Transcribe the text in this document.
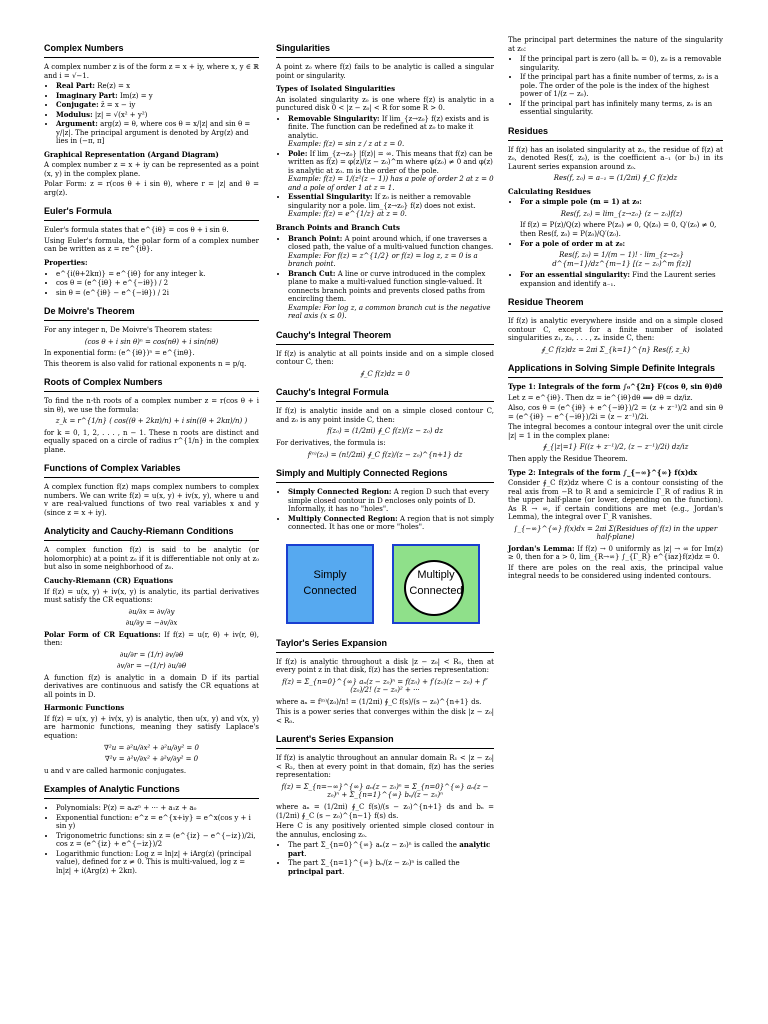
Complex Numbers

A complex number z is of the form z = x + iy, where x, y ∈ ℝ and i = √−1.

• Real Part: Re(z) = x
• Imaginary Part: Im(z) = y
• Conjugate: z̄ = x − iy
• Modulus: |z| = √(x² + y²)
• Argument: arg(z) = θ, where cos θ = x/|z| and sin θ = y/|z|. The principal argument is denoted by Arg(z) and lies in (−π, π]
Graphical Representation (Argand Diagram)

A complex number z = x + iy can be represented as a point (x, y) in the complex plane.

Polar Form: z = r(cos θ + i sin θ), where r = |z| and θ = arg(z).

Euler's Formula

Euler's formula states that e^{iθ} = cos θ + i sin θ.

Using Euler's formula, the polar form of a complex number can be written as z = re^{iθ}.

Properties:
• e^{i(θ+2kπ)} = e^{iθ} for any integer k.
• cos θ = (e^{iθ} + e^{−iθ}) / 2
• sin θ = (e^{iθ} − e^{−iθ}) / 2i
De Moivre's Theorem

For any integer n, De Moivre's Theorem states:

(cos θ + i sin θ)ⁿ = cos(nθ) + i sin(nθ)

In exponential form: (e^{iθ})ⁿ = e^{inθ}.

This theorem is also valid for rational exponents n = p/q.

Roots of Complex Numbers

To find the n-th roots of a complex number z = r(cos θ + i sin θ), we use the formula:

z_k = r^{1/n} ( cos((θ + 2kπ)/n) + i sin((θ + 2kπ)/n) )

for k = 0, 1, 2, . . . , n − 1. These n roots are distinct and equally spaced on a circle of radius r^{1/n} in the complex plane.

Functions of Complex Variables

A complex function f(z) maps complex numbers to complex numbers. We can write f(z) = u(x, y) + iv(x, y), where u and v are real-valued functions of two real variables x and y (since z = x + iy).

Analyticity and Cauchy-Riemann Conditions

A complex function f(z) is said to be analytic (or holomorphic) at a point z₀ if it is differentiable not only at z₀ but also in some neighborhood of z₀.

Cauchy-Riemann (CR) Equations

If f(z) = u(x, y) + iv(x, y) is analytic, its partial derivatives must satisfy the CR equations:

∂u/∂x = ∂v/∂y
∂u/∂y = −∂v/∂x

Polar Form of CR Equations: If f(z) = u(r, θ) + iv(r, θ), then:

∂u/∂r = (1/r) ∂v/∂θ
∂v/∂r = −(1/r) ∂u/∂θ

A function f(z) is analytic in a domain D if its partial derivatives are continuous and satisfy the CR equations at all points in D.

Harmonic Functions

If f(z) = u(x, y) + iv(x, y) is analytic, then u(x, y) and v(x, y) are harmonic functions, meaning they satisfy Laplace's equation:

∇²u = ∂²u/∂x² + ∂²u/∂y² = 0
∇²v = ∂²v/∂x² + ∂²v/∂y² = 0

u and v are called harmonic conjugates.

Examples of Analytic Functions
• Polynomials: P(z) = aₙzⁿ + ··· + a₁z + a₀
• Exponential function: e^z = e^{x+iy} = e^x(cos y + i sin y)
• Trigonometric functions: sin z = (e^{iz} − e^{−iz})/2i, cos z = (e^{iz} + e^{−iz})/2
• Logarithmic function: Log z = ln|z| + iArg(z) (principal value), defined for z ≠ 0. This is multi-valued, log z = ln|z| + i(Arg(z) + 2kπ).
Singularities

A point z₀ where f(z) fails to be analytic is called a singular point or singularity.

Types of Isolated Singularities

An isolated singularity z₀ is one where f(z) is analytic in a punctured disk 0 < |z − z₀| < R for some R > 0.

• Removable Singularity: If lim_{z→z₀} f(z) exists and is finite. The function can be redefined at z₀ to make it analytic.
Example: f(z) = sin z / z at z = 0.
• Pole: If lim_{z→z₀} |f(z)| = ∞. This means that f(z) can be written as f(z) = φ(z)/(z − z₀)^m where φ(z₀) ≠ 0 and φ(z) is analytic at z₀. m is the order of the pole.
Example: f(z) = 1/(z²(z − 1)) has a pole of order 2 at z = 0 and a pole of order 1 at z = 1.
• Essential Singularity: If z₀ is neither a removable singularity nor a pole. lim_{z→z₀} f(z) does not exist.
Example: f(z) = e^{1/z} at z = 0.
Branch Points and Branch Cuts
• Branch Point: A point around which, if one traverses a closed path, the value of a multi-valued function changes.
Example: For f(z) = z^{1/2} or f(z) = log z, z = 0 is a branch point.
• Branch Cut: A line or curve introduced in the complex plane to make a multi-valued function single-valued. It connects branch points and prevents closed paths from encircling them.
Example: For log z, a common branch cut is the negative real axis (x ≤ 0).
Cauchy's Integral Theorem

If f(z) is analytic at all points inside and on a simple closed contour C, then:

∮_C f(z)dz = 0
Cauchy's Integral Formula

If f(z) is analytic inside and on a simple closed contour C, and z₀ is any point inside C, then:

f(z₀) = (1/2πi) ∮_C f(z)/(z − z₀) dz

For derivatives, the formula is:

f⁽ⁿ⁾(z₀) = (n!/2πi) ∮_C f(z)/(z − z₀)^{n+1} dz
Simply and Multiply Connected Regions
• Simply Connected Region: A region D such that every simple closed contour in D encloses only points of D. Informally, it has no "holes".
• Multiply Connected Region: A region that is not simply connected. It has one or more "holes".
Simply
Connected
Multiply
Connected
Taylor's Series Expansion

If f(z) is analytic throughout a disk |z − z₀| < R₀, then at every point z in that disk, f(z) has the series representation:

f(z) = Σ_{n=0}^{∞} aₙ(z − z₀)ⁿ = f(z₀) + f′(z₀)(z − z₀) + f″(z₀)/2! (z − z₀)² + ···

where aₙ = f⁽ⁿ⁾(z₀)/n! = (1/2πi) ∮_C f(s)/(s − z₀)^{n+1} ds.

This is a power series that converges within the disk |z − z₀| < R₀.

Laurent's Series Expansion

If f(z) is analytic throughout an annular domain R₁ < |z − z₀| < R₂, then at every point in that domain, f(z) has the series representation:

f(z) = Σ_{n=−∞}^{∞} aₙ(z − z₀)ⁿ = Σ_{n=0}^{∞} aₙ(z − z₀)ⁿ + Σ_{n=1}^{∞} bₙ/(z − z₀)ⁿ

where aₙ = (1/2πi) ∮_C f(s)/(s − z₀)^{n+1} ds and bₙ = (1/2πi) ∮_C (s − z₀)^{n−1} f(s) ds.

Here C is any positively oriented simple closed contour in the annulus, enclosing z₀.

• The part Σ_{n=0}^{∞} aₙ(z − z₀)ⁿ is called the analytic part.
• The part Σ_{n=1}^{∞} bₙ/(z − z₀)ⁿ is called the principal part.

The principal part determines the nature of the singularity at z₀:

• If the principal part is zero (all bₙ = 0), z₀ is a removable singularity.
• If the principal part has a finite number of terms, z₀ is a pole. The order of the pole is the index of the highest power of 1/(z − z₀).
• If the principal part has infinitely many terms, z₀ is an essential singularity.
Residues

If f(z) has an isolated singularity at z₀, the residue of f(z) at z₀, denoted Res(f, z₀), is the coefficient a₋₁ (or b₁) in its Laurent series expansion around z₀.

Res(f, z₀) = a₋₁ = (1/2πi) ∮_C f(z)dz
Calculating Residues
• For a simple pole (m = 1) at z₀:
Res(f, z₀) = lim_{z→z₀} (z − z₀)f(z)
If f(z) = P(z)/Q(z) where P(z₀) ≠ 0, Q(z₀) = 0, Q′(z₀) ≠ 0, then Res(f, z₀) = P(z₀)/Q′(z₀).
• For a pole of order m at z₀:
Res(f, z₀) = 1/(m − 1)! · lim_{z→z₀} d^{m−1}/dz^{m−1} [(z − z₀)^m f(z)]
• For an essential singularity: Find the Laurent series expansion and identify a₋₁.
Residue Theorem

If f(z) is analytic everywhere inside and on a simple closed contour C, except for a finite number of isolated singularities z₁, z₂, . . . , zₙ inside C, then:

∮_C f(z)dz = 2πi Σ_{k=1}^{n} Res(f, z_k)
Applications in Solving Simple Definite Integrals
Type 1: Integrals of the form ∫₀^{2π} F(cos θ, sin θ)dθ

Let z = e^{iθ}. Then dz = ie^{iθ}dθ ⟹ dθ = dz/iz.

Also, cos θ = (e^{iθ} + e^{−iθ})/2 = (z + z⁻¹)/2 and sin θ = (e^{iθ} − e^{−iθ})/2i = (z − z⁻¹)/2i.

The integral becomes a contour integral over the unit circle |z| = 1 in the complex plane:

∮_{|z|=1} F((z + z⁻¹)/2, (z − z⁻¹)/2i) dz/iz

Then apply the Residue Theorem.

Type 2: Integrals of the form ∫_{−∞}^{∞} f(x)dx

Consider ∮_C f(z)dz where C is a contour consisting of the real axis from −R to R and a semicircle Γ_R of radius R in the upper half-plane (or lower, depending on the function). As R → ∞, if certain conditions are met (e.g., Jordan's Lemma), the integral over Γ_R vanishes.

∫_{−∞}^{∞} f(x)dx = 2πi Σ(Residues of f(z) in the upper half-plane)

Jordan's Lemma: If f(z) → 0 uniformly as |z| → ∞ for Im(z) ≥ 0, then for a > 0, lim_{R→∞} ∫_{Γ_R} e^{iaz}f(z)dz = 0.

If there are poles on the real axis, the principal value integral needs to be considered using indented contours.
